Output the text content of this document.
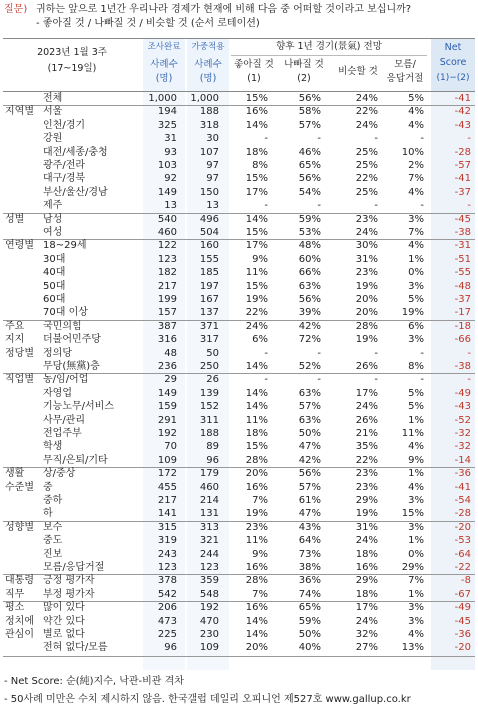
질문) 귀하는 앞으로 1년간 우리나라 경제가 현재에 비해 다음 중 어떠할 것이라고 보십니까?
- 좋아질 것 / 나빠질 것 / 비슷할 것 (순서 로테이션)
2023년 1월 3주
(17~19일)
조사완료
사례수
(명)
가중적용
사례수
(명)
향후 1년 경기(景氣) 전망
좋아질 것
(1)
나빠질 것
(2)
비슷할 것
모름/
응답거절
Net
Score
(1)−(2)
전체	1,000	1,000	15%	56%	24%	5%	-41
지역별 서울	194	188	16%	58%	22%	4%	-42
인천/경기	325	318	14%	57%	24%	4%	-43
강원	31	30	-	-	-	-	-
대전/세종/충청	93	107	18%	46%	25%	10%	-28
광주/전라	103	97	8%	65%	25%	2%	-57
대구/경북	92	97	15%	56%	22%	7%	-41
부산/울산/경남	149	150	17%	54%	25%	4%	-37
제주	13	13	-	-	-	-	-
성별 남성	540	496	14%	59%	23%	3%	-45
여성	460	504	15%	53%	24%	7%	-38
연령별 18~29세	122	160	17%	48%	30%	4%	-31
30대	123	155	9%	60%	31%	1%	-51
40대	182	185	11%	66%	23%	0%	-55
50대	217	197	15%	63%	19%	3%	-48
60대	199	167	19%	56%	20%	5%	-37
70대 이상	157	137	22%	39%	20%	19%	-17
주요 국민의힘	387	371	24%	42%	28%	6%	-18
지지 더불어민주당	316	317	6%	72%	19%	3%	-66
정당별 정의당	48	50	-	-	-	-	-
무당(無黨)층	236	250	14%	52%	26%	8%	-38
직업별 농/임/어업	29	26	-	-	-	-	-
자영업	149	139	14%	63%	17%	5%	-49
기능노무/서비스	159	152	14%	57%	24%	5%	-43
사무/관리	291	311	11%	63%	26%	1%	-52
전업주부	192	188	18%	50%	21%	11%	-32
학생	70	89	15%	47%	35%	4%	-32
무직/은퇴/기타	109	96	28%	42%	22%	9%	-14
생활 상/중상	172	179	20%	56%	23%	1%	-36
수준별 중	455	460	16%	57%	23%	4%	-41
중하	217	214	7%	61%	29%	3%	-54
하	141	131	19%	47%	19%	15%	-28
성향별 보수	315	313	23%	43%	31%	3%	-20
중도	319	321	11%	64%	24%	1%	-53
진보	243	244	9%	73%	18%	0%	-64
모름/응답거절	123	123	16%	38%	16%	29%	-22
대통령 긍정 평가자	378	359	28%	36%	29%	7%	-8
직무 부정 평가자	542	548	7%	74%	18%	1%	-67
평소 많이 있다	206	192	16%	65%	17%	3%	-49
정치에 약간 있다	473	470	14%	59%	24%	3%	-45
관심이 별로 없다	225	230	14%	50%	32%	4%	-36
전혀 없다/모름	96	109	20%	40%	27%	13%	-20
- Net Score: 순(純)지수, 낙관-비관 격차
- 50사례 미만은 수치 제시하지 않음. 한국갤럽 데일리 오피니언 제527호 www.gallup.co.kr
